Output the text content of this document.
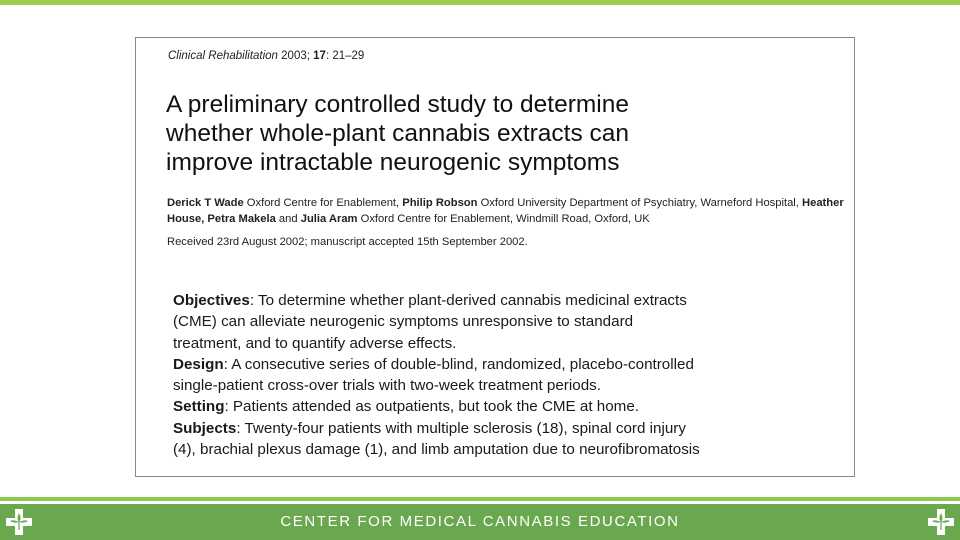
Clinical Rehabilitation 2003; 17: 21–29
A preliminary controlled study to determine
whether whole-plant cannabis extracts can
improve intractable neurogenic symptoms
Derick T Wade Oxford Centre for Enablement, Philip Robson Oxford University Department of Psychiatry, Warneford Hospital, Heather House, Petra Makela and Julia Aram Oxford Centre for Enablement, Windmill Road, Oxford, UK
Received 23rd August 2002; manuscript accepted 15th September 2002.
Objectives: To determine whether plant-derived cannabis medicinal extracts
(CME) can alleviate neurogenic symptoms unresponsive to standard
treatment, and to quantify adverse effects.
Design: A consecutive series of double-blind, randomized, placebo-controlled
single-patient cross-over trials with two-week treatment periods.
Setting: Patients attended as outpatients, but took the CME at home.
Subjects: Twenty-four patients with multiple sclerosis (18), spinal cord injury
(4), brachial plexus damage (1), and limb amputation due to neurofibromatosis
CENTER FOR MEDICAL CANNABIS EDUCATION
